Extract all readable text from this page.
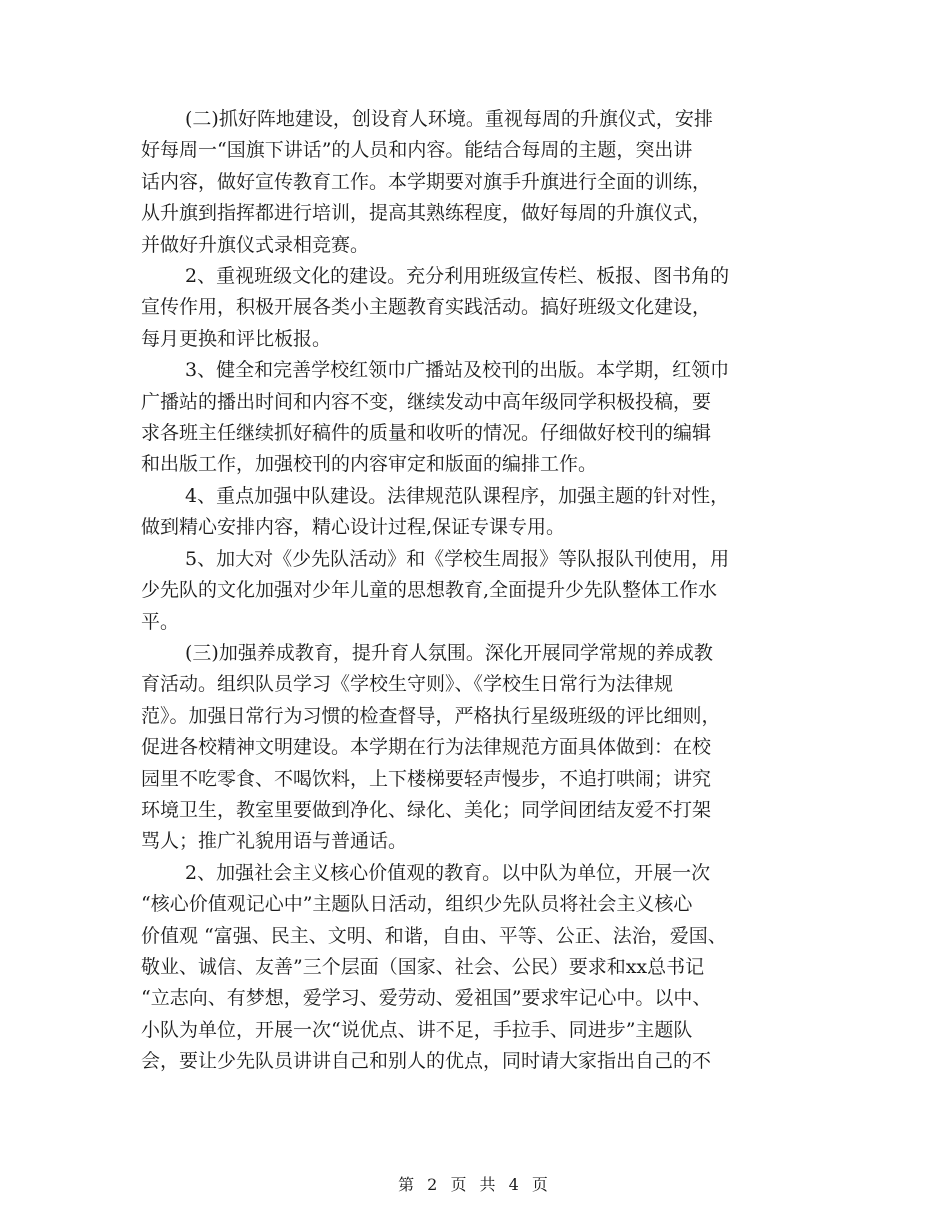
(二)抓好阵地建设，创设育人环境。重视每周的升旗仪式，安排
好每周一“国旗下讲话”的人员和内容。能结合每周的主题，突出讲
话内容，做好宣传教育工作。本学期要对旗手升旗进行全面的训练，
从升旗到指挥都进行培训，提高其熟练程度，做好每周的升旗仪式，
并做好升旗仪式录相竞赛。

2、重视班级文化的建设。充分利用班级宣传栏、板报、图书角的
宣传作用，积极开展各类小主题教育实践活动。搞好班级文化建设，
每月更换和评比板报。

3、健全和完善学校红领巾广播站及校刊的出版。本学期，红领巾
广播站的播出时间和内容不变，继续发动中高年级同学积极投稿，要
求各班主任继续抓好稿件的质量和收听的情况。仔细做好校刊的编辑
和出版工作，加强校刊的内容审定和版面的编排工作。

4、重点加强中队建设。法律规范队课程序，加强主题的针对性，
做到精心安排内容，精心设计过程,保证专课专用。

5、加大对《少先队活动》和《学校生周报》等队报队刊使用，用
少先队的文化加强对少年儿童的思想教育,全面提升少先队整体工作水
平。

(三)加强养成教育，提升育人氛围。深化开展同学常规的养成教
育活动。组织队员学习《学校生守则》、《学校生日常行为法律规
范》。加强日常行为习惯的检查督导，严格执行星级班级的评比细则，
促进各校精神文明建设。本学期在行为法律规范方面具体做到：在校
园里不吃零食、不喝饮料，上下楼梯要轻声慢步，不追打哄闹；讲究
环境卫生，教室里要做到净化、绿化、美化；同学间团结友爱不打架
骂人；推广礼貌用语与普通话。

2、加强社会主义核心价值观的教育。以中队为单位，开展一次
“核心价值观记心中”主题队日活动，组织少先队员将社会主义核心
价值观 “富强、民主、文明、和谐，自由、平等、公正、法治，爱国、
敬业、诚信、友善”三个层面（国家、社会、公民）要求和xx总书记
“立志向、有梦想，爱学习、爱劳动、爱祖国”要求牢记心中。以中、
小队为单位，开展一次“说优点、讲不足，手拉手、同进步”主题队
会，要让少先队员讲讲自己和别人的优点，同时请大家指出自己的不

第 2 页 共 4 页
